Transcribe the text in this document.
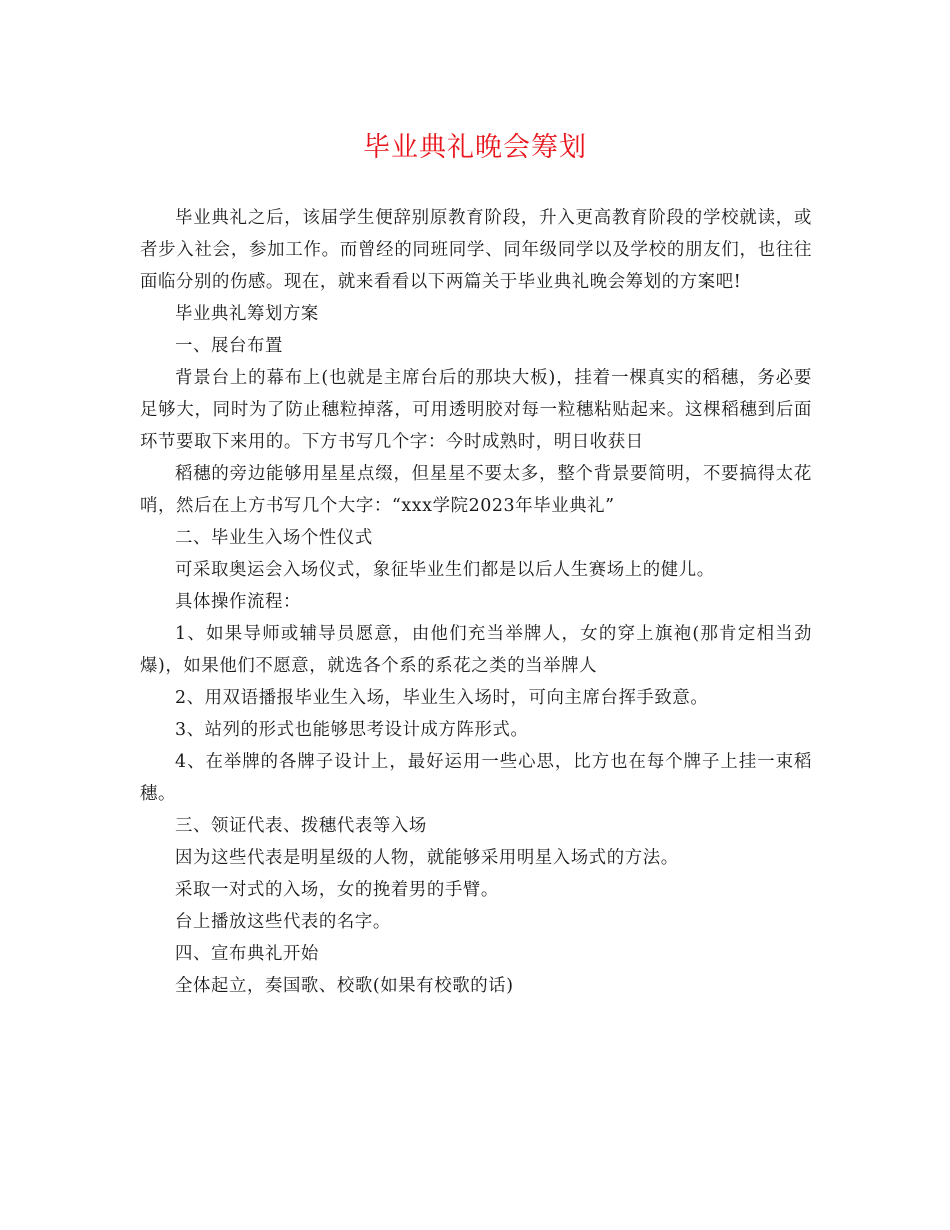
毕业典礼晚会筹划

毕业典礼之后，该届学生便辞别原教育阶段，升入更高教育阶段的学校就读，或者步入社会，参加工作。而曾经的同班同学、同年级同学以及学校的朋友们，也往往面临分别的伤感。现在，就来看看以下两篇关于毕业典礼晚会筹划的方案吧!

毕业典礼筹划方案

一、展台布置

背景台上的幕布上(也就是主席台后的那块大板)，挂着一棵真实的稻穗，务必要足够大，同时为了防止穗粒掉落，可用透明胶对每一粒穗粘贴起来。这棵稻穗到后面环节要取下来用的。下方书写几个字：今时成熟时，明日收获日

稻穗的旁边能够用星星点缀，但星星不要太多，整个背景要简明，不要搞得太花哨，然后在上方书写几个大字：“xxx学院2023年毕业典礼”

二、毕业生入场个性仪式

可采取奥运会入场仪式，象征毕业生们都是以后人生赛场上的健儿。

具体操作流程：

1、如果导师或辅导员愿意，由他们充当举牌人，女的穿上旗袍(那肯定相当劲爆)，如果他们不愿意，就选各个系的系花之类的当举牌人

2、用双语播报毕业生入场，毕业生入场时，可向主席台挥手致意。

3、站列的形式也能够思考设计成方阵形式。

4、在举牌的各牌子设计上，最好运用一些心思，比方也在每个牌子上挂一束稻穗。

三、领证代表、拨穗代表等入场

因为这些代表是明星级的人物，就能够采用明星入场式的方法。

采取一对式的入场，女的挽着男的手臂。

台上播放这些代表的名字。

四、宣布典礼开始

全体起立，奏国歌、校歌(如果有校歌的话)
